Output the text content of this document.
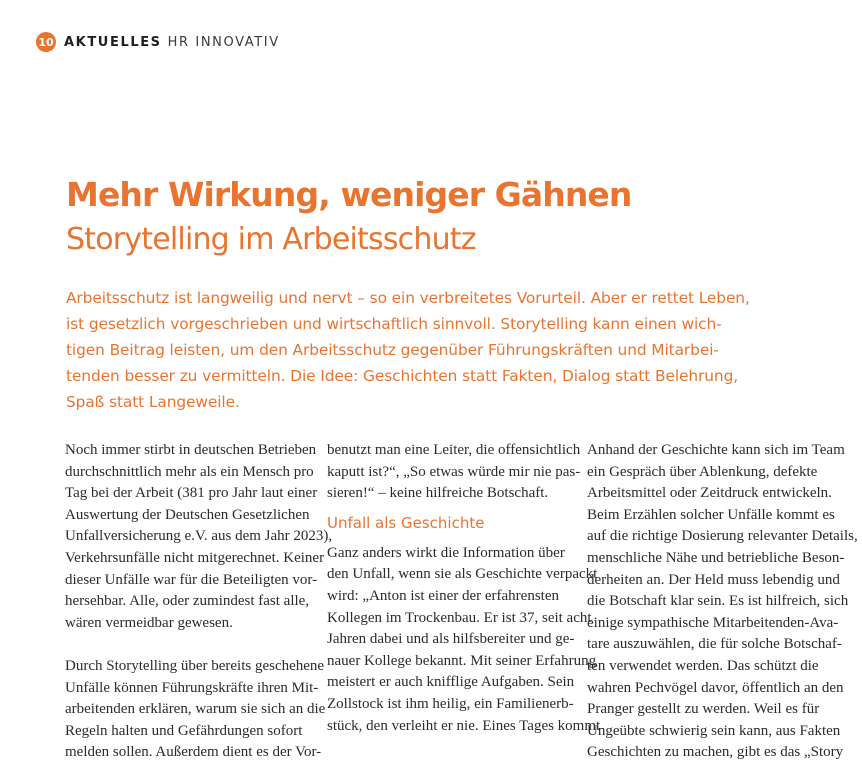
10 AKTUELLES HR INNOVATIV
Mehr Wirkung, weniger Gähnen
Storytelling im Arbeitsschutz
Arbeitsschutz ist langweilig und nervt – so ein verbreitetes Vorurteil. Aber er rettet Leben,
ist gesetzlich vorgeschrieben und wirtschaftlich sinnvoll. Storytelling kann einen wich-
tigen Beitrag leisten, um den Arbeitsschutz gegenüber Führungskräften und Mitarbei-
tenden besser zu vermitteln. Die Idee: Geschichten statt Fakten, Dialog statt Belehrung,
Spaß statt Langeweile.
Noch immer stirbt in deutschen Betrieben
durchschnittlich mehr als ein Mensch pro
Tag bei der Arbeit (381 pro Jahr laut einer
Auswertung der Deutschen Gesetzlichen
Unfallversicherung e.V. aus dem Jahr 2023),
Verkehrsunfälle nicht mitgerechnet. Keiner
dieser Unfälle war für die Beteiligten vor-
hersehbar. Alle, oder zumindest fast alle,
wären vermeidbar gewesen.
Durch Storytelling über bereits geschehene
Unfälle können Führungskräfte ihren Mit-
arbeitenden erklären, warum sie sich an die
Regeln halten und Gefährdungen sofort
melden sollen. Außerdem dient es der Vor-
benutzt man eine Leiter, die offensichtlich
kaputt ist?“, „So etwas würde mir nie pas-
sieren!“ – keine hilfreiche Botschaft.
Unfall als Geschichte
Ganz anders wirkt die Information über
den Unfall, wenn sie als Geschichte verpackt
wird: „Anton ist einer der erfahrensten
Kollegen im Trockenbau. Er ist 37, seit acht
Jahren dabei und als hilfsbereiter und ge-
nauer Kollege bekannt. Mit seiner Erfahrung
meistert er auch knifflige Aufgaben. Sein
Zollstock ist ihm heilig, ein Familienerb-
stück, den verleiht er nie. Eines Tages kommt
Anhand der Geschichte kann sich im Team
ein Gespräch über Ablenkung, defekte
Arbeitsmittel oder Zeitdruck entwickeln.
Beim Erzählen solcher Unfälle kommt es
auf die richtige Dosierung relevanter Details,
menschliche Nähe und betriebliche Beson-
derheiten an. Der Held muss lebendig und
die Botschaft klar sein. Es ist hilfreich, sich
einige sympathische Mitarbeitenden-Ava-
tare auszuwählen, die für solche Botschaf-
ten verwendet werden. Das schützt die
wahren Pechvögel davor, öffentlich an den
Pranger gestellt zu werden. Weil es für
Ungeübte schwierig sein kann, aus Fakten
Geschichten zu machen, gibt es das „Story
